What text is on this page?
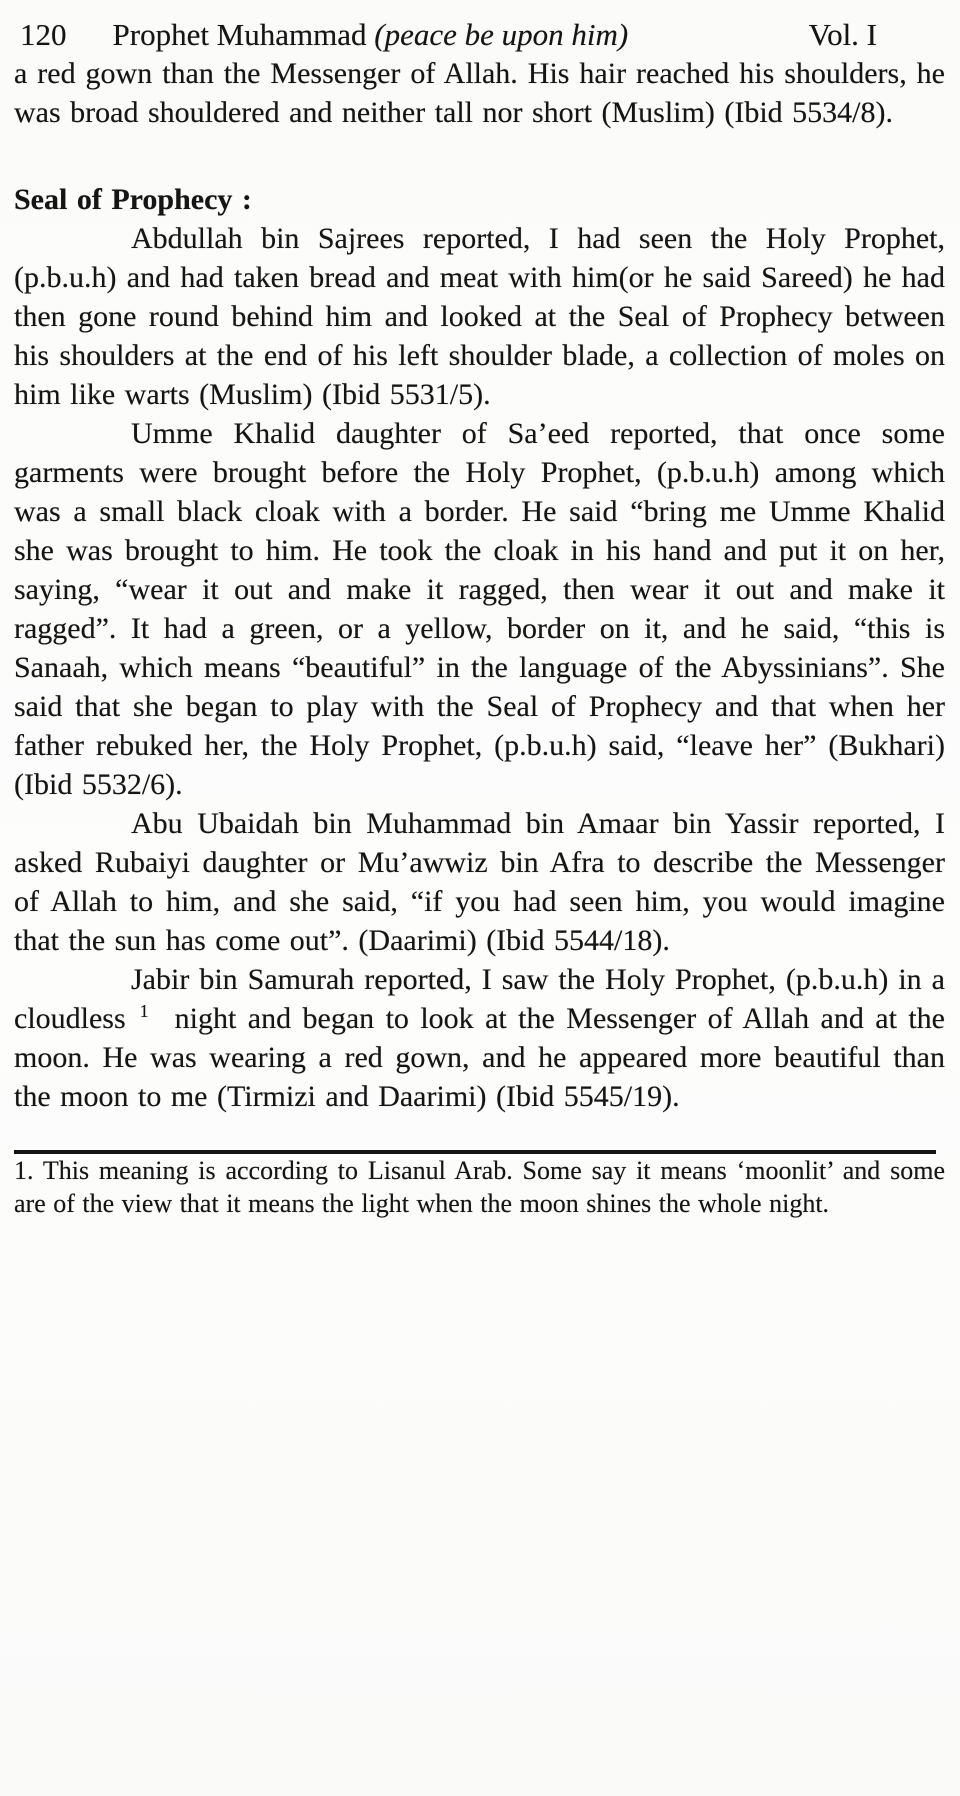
120 Prophet Muhammad (peace be upon him)	Vol. I

a red gown than the Messenger of Allah. His hair reached his shoulders, he was broad shouldered and neither tall nor short (Muslim) (Ibid 5534/8).

Seal of Prophecy :

Abdullah bin Sajrees reported, I had seen the Holy Prophet, (p.b.u.h) and had taken bread and meat with him(or he said Sareed) he had then gone round behind him and looked at the Seal of Prophecy between his shoulders at the end of his left shoulder blade, a collection of moles on him like warts (Muslim) (Ibid 5531/5).

Umme Khalid daughter of Sa’eed reported, that once some garments were brought before the Holy Prophet, (p.b.u.h) among which was a small black cloak with a border. He said “bring me Umme Khalid she was brought to him. He took the cloak in his hand and put it on her, saying, “wear it out and make it ragged, then wear it out and make it ragged”. It had a green, or a yellow, border on it, and he said, “this is Sanaah, which means “beautiful” in the language of the Abyssinians”. She said that she began to play with the Seal of Prophecy and that when her father rebuked her, the Holy Prophet, (p.b.u.h) said, “leave her” (Bukhari) (Ibid 5532/6).

Abu Ubaidah bin Muhammad bin Amaar bin Yassir reported, I asked Rubaiyi daughter or Mu’awwiz bin Afra to describe the Messenger of Allah to him, and she said, “if you had seen him, you would imagine that the sun has come out”. (Daarimi) (Ibid 5544/18).

Jabir bin Samurah reported, I saw the Holy Prophet, (p.b.u.h) in a cloudless $^1$ night and began to look at the Messenger of Allah and at the moon. He was wearing a red gown, and he appeared more beautiful than the moon to me (Tirmizi and Daarimi) (Ibid 5545/19).

1. This meaning is according to Lisanul Arab. Some say it means ‘moonlit’ and some are of the view that it means the light when the moon shines the whole night.
